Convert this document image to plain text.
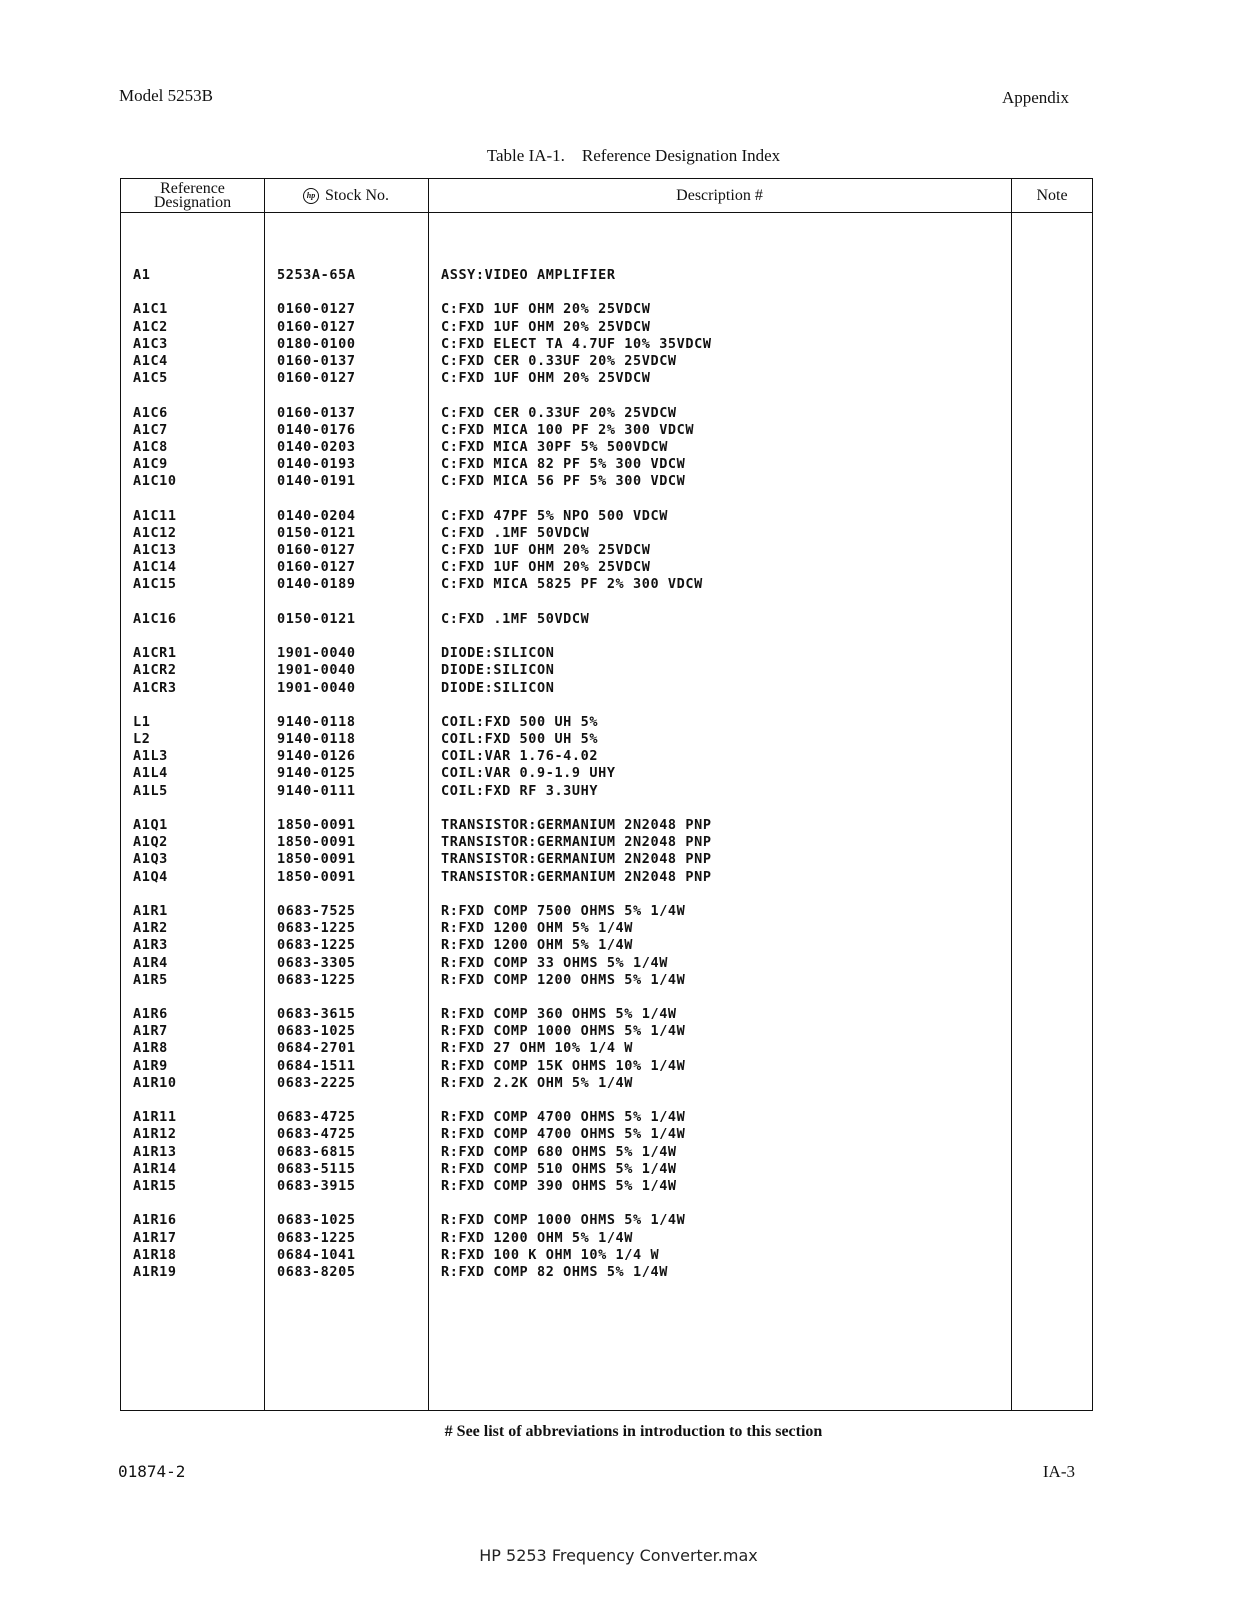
Model 5253B	Appendix
Table IA-1.    Reference Designation Index
Reference
Designation	hp Stock No.	Description #	Note
A1	5253A-65A	ASSY:VIDEO AMPLIFIER
A1C1	0160-0127	C:FXD 1UF OHM 20% 25VDCW
A1C2	0160-0127	C:FXD 1UF OHM 20% 25VDCW
A1C3	0180-0100	C:FXD ELECT TA 4.7UF 10% 35VDCW
A1C4	0160-0137	C:FXD CER 0.33UF 20% 25VDCW
A1C5	0160-0127	C:FXD 1UF OHM 20% 25VDCW
A1C6	0160-0137	C:FXD CER 0.33UF 20% 25VDCW
A1C7	0140-0176	C:FXD MICA 100 PF 2% 300 VDCW
A1C8	0140-0203	C:FXD MICA 30PF 5% 500VDCW
A1C9	0140-0193	C:FXD MICA 82 PF 5% 300 VDCW
A1C10	0140-0191	C:FXD MICA 56 PF 5% 300 VDCW
A1C11	0140-0204	C:FXD 47PF 5% NPO 500 VDCW
A1C12	0150-0121	C:FXD .1MF 50VDCW
A1C13	0160-0127	C:FXD 1UF OHM 20% 25VDCW
A1C14	0160-0127	C:FXD 1UF OHM 20% 25VDCW
A1C15	0140-0189	C:FXD MICA 5825 PF 2% 300 VDCW
A1C16	0150-0121	C:FXD .1MF 50VDCW
A1CR1	1901-0040	DIODE:SILICON
A1CR2	1901-0040	DIODE:SILICON
A1CR3	1901-0040	DIODE:SILICON
L1	9140-0118	COIL:FXD 500 UH 5%
L2	9140-0118	COIL:FXD 500 UH 5%
A1L3	9140-0126	COIL:VAR 1.76-4.02
A1L4	9140-0125	COIL:VAR 0.9-1.9 UHY
A1L5	9140-0111	COIL:FXD RF 3.3UHY
A1Q1	1850-0091	TRANSISTOR:GERMANIUM 2N2048 PNP
A1Q2	1850-0091	TRANSISTOR:GERMANIUM 2N2048 PNP
A1Q3	1850-0091	TRANSISTOR:GERMANIUM 2N2048 PNP
A1Q4	1850-0091	TRANSISTOR:GERMANIUM 2N2048 PNP
A1R1	0683-7525	R:FXD COMP 7500 OHMS 5% 1/4W
A1R2	0683-1225	R:FXD 1200 OHM 5% 1/4W
A1R3	0683-1225	R:FXD 1200 OHM 5% 1/4W
A1R4	0683-3305	R:FXD COMP 33 OHMS 5% 1/4W
A1R5	0683-1225	R:FXD COMP 1200 OHMS 5% 1/4W
A1R6	0683-3615	R:FXD COMP 360 OHMS 5% 1/4W
A1R7	0683-1025	R:FXD COMP 1000 OHMS 5% 1/4W
A1R8	0684-2701	R:FXD 27 OHM 10% 1/4 W
A1R9	0684-1511	R:FXD COMP 15K OHMS 10% 1/4W
A1R10	0683-2225	R:FXD 2.2K OHM 5% 1/4W
A1R11	0683-4725	R:FXD COMP 4700 OHMS 5% 1/4W
A1R12	0683-4725	R:FXD COMP 4700 OHMS 5% 1/4W
A1R13	0683-6815	R:FXD COMP 680 OHMS 5% 1/4W
A1R14	0683-5115	R:FXD COMP 510 OHMS 5% 1/4W
A1R15	0683-3915	R:FXD COMP 390 OHMS 5% 1/4W
A1R16	0683-1025	R:FXD COMP 1000 OHMS 5% 1/4W
A1R17	0683-1225	R:FXD 1200 OHM 5% 1/4W
A1R18	0684-1041	R:FXD 100 K OHM 10% 1/4 W
A1R19	0683-8205	R:FXD COMP 82 OHMS 5% 1/4W
# See list of abbreviations in introduction to this section
01874-2	IA-3
HP 5253 Frequency Converter.max
